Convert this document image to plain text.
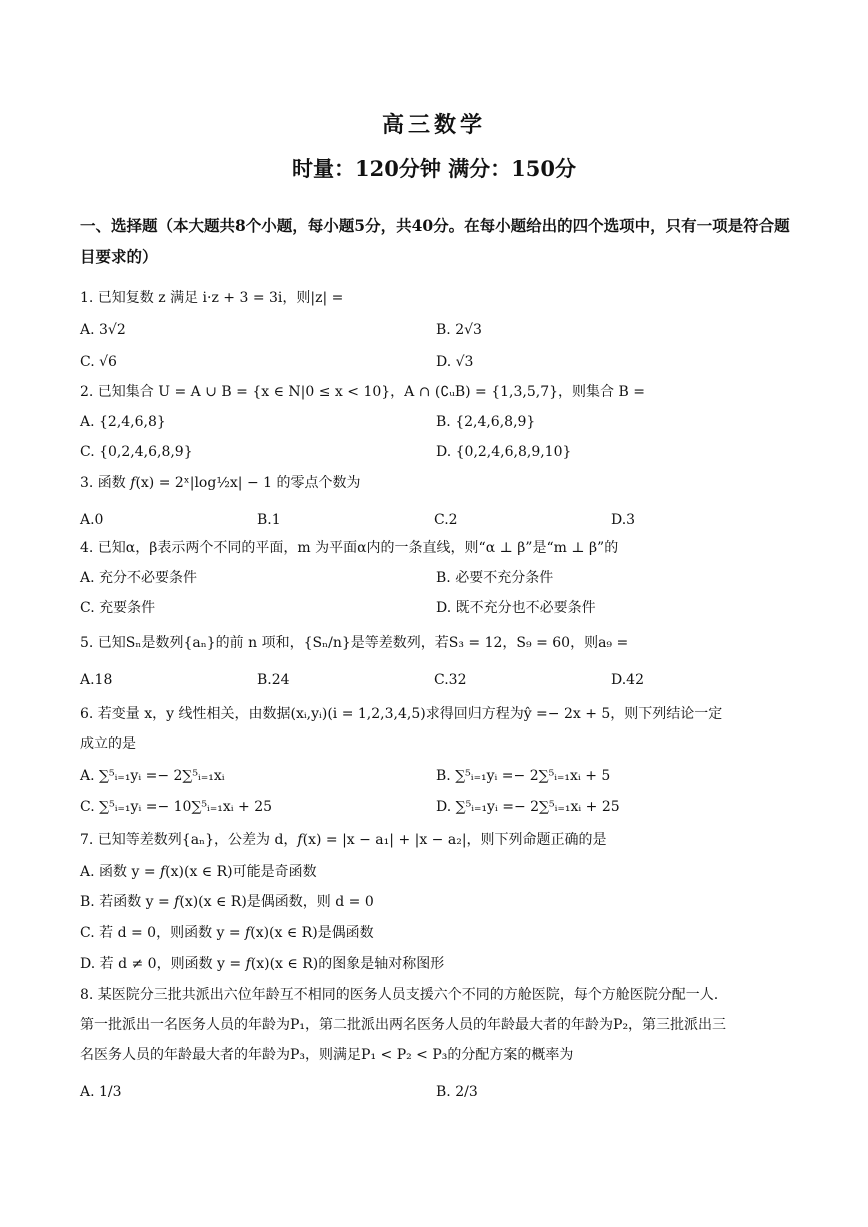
高三数学
时量：120分钟 满分：150分
一、选择题（本大题共8个小题，每小题5分，共40分。在每小题给出的四个选项中，只有一项是符合题目要求的）
1. 已知复数 z 满足 i·z + 3 = 3i，则|z| =
A. 3√2	B. 2√3
C. √6	D. √3
2. 已知集合 U = A ∪ B = {x ∈ N|0 ≤ x < 10}，A ∩ (∁ᵤB) = {1,3,5,7}，则集合 B =
A. {2,4,6,8}	B. {2,4,6,8,9}
C. {0,2,4,6,8,9}	D. {0,2,4,6,8,9,10}
3. 函数 𝑓(x) = 2ˣ|log½x| − 1 的零点个数为
A.0	B.1	C.2	D.3
4. 已知α，β表示两个不同的平面，m 为平面α内的一条直线，则“α ⊥ β”是“m ⊥ β”的
A. 充分不必要条件	B. 必要不充分条件
C. 充要条件	D. 既不充分也不必要条件
5. 已知Sₙ是数列{aₙ}的前 n 项和，{Sₙ/n}是等差数列，若S₃ = 12，S₉ = 60，则a₉ =
A.18	B.24	C.32	D.42
6. 若变量 x，y 线性相关，由数据(xᵢ,yᵢ)(i = 1,2,3,4,5)求得回归方程为ŷ =− 2x + 5，则下列结论一定
成立的是
A. ∑⁵ᵢ₌₁yᵢ =− 2∑⁵ᵢ₌₁xᵢ	B. ∑⁵ᵢ₌₁yᵢ =− 2∑⁵ᵢ₌₁xᵢ + 5
C. ∑⁵ᵢ₌₁yᵢ =− 10∑⁵ᵢ₌₁xᵢ + 25	D. ∑⁵ᵢ₌₁yᵢ =− 2∑⁵ᵢ₌₁xᵢ + 25
7. 已知等差数列{aₙ}，公差为 d，𝑓(x) = |x − a₁| + |x − a₂|，则下列命题正确的是
A. 函数 y = 𝑓(x)(x ∈ R)可能是奇函数
B. 若函数 y = 𝑓(x)(x ∈ R)是偶函数，则 d = 0
C. 若 d = 0，则函数 y = 𝑓(x)(x ∈ R)是偶函数
D. 若 d ≠ 0，则函数 y = 𝑓(x)(x ∈ R)的图象是轴对称图形
8. 某医院分三批共派出六位年龄互不相同的医务人员支援六个不同的方舱医院，每个方舱医院分配一人.
第一批派出一名医务人员的年龄为P₁，第二批派出两名医务人员的年龄最大者的年龄为P₂，第三批派出三
名医务人员的年龄最大者的年龄为P₃，则满足P₁ < P₂ < P₃的分配方案的概率为
A. 1/3	B. 2/3
